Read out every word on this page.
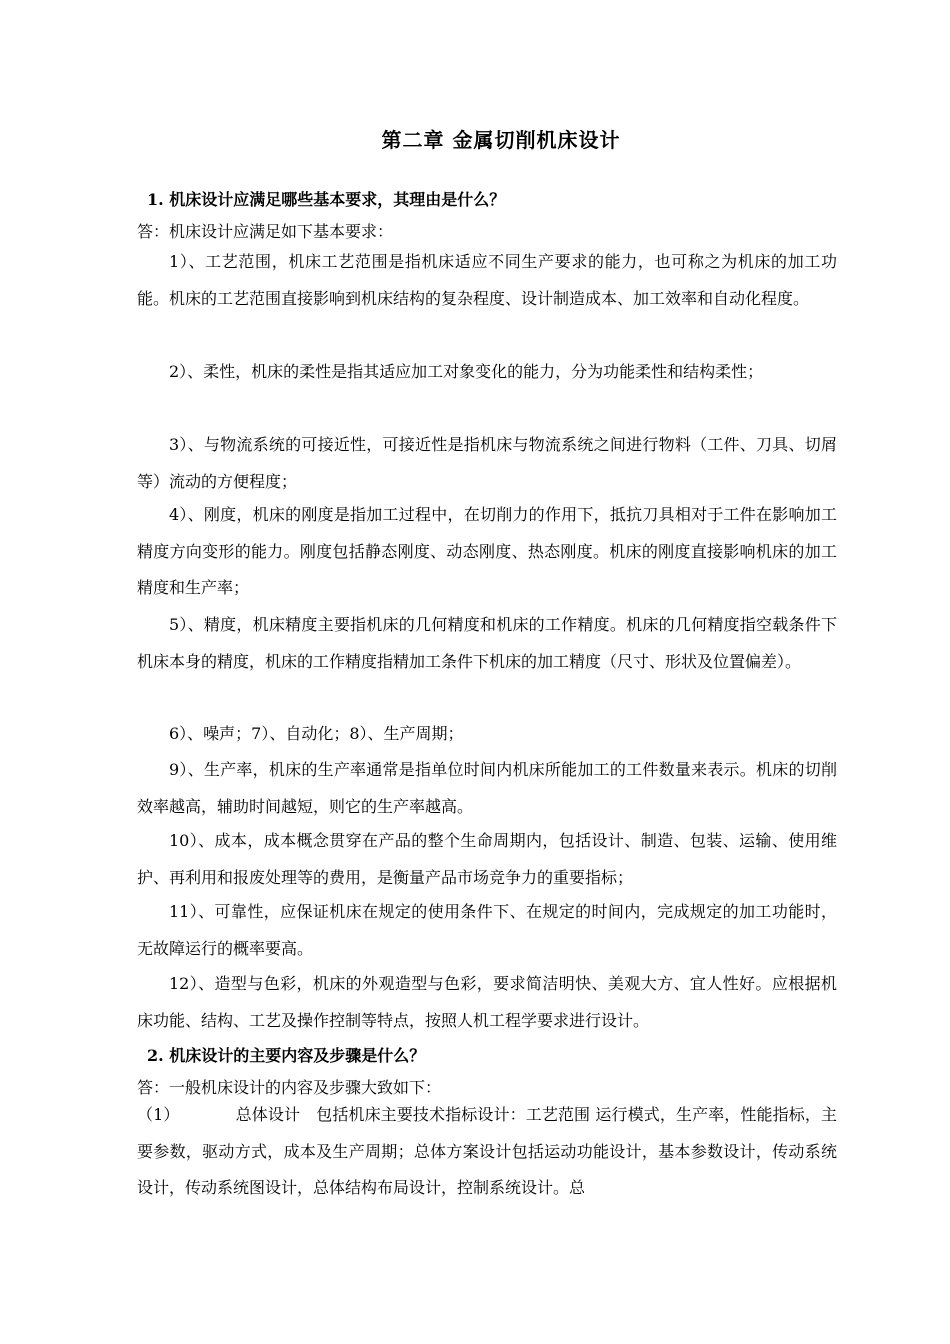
第二章 金属切削机床设计
1. 机床设计应满足哪些基本要求，其理由是什么？
答：机床设计应满足如下基本要求：
1）、工艺范围，机床工艺范围是指机床适应不同生产要求的能力，也可称之为机床的加工功能。机床的工艺范围直接影响到机床结构的复杂程度、设计制造成本、加工效率和自动化程度。
2）、柔性，机床的柔性是指其适应加工对象变化的能力，分为功能柔性和结构柔性；
3）、与物流系统的可接近性，可接近性是指机床与物流系统之间进行物料（工件、刀具、切屑等）流动的方便程度；
4）、刚度，机床的刚度是指加工过程中，在切削力的作用下，抵抗刀具相对于工件在影响加工精度方向变形的能力。刚度包括静态刚度、动态刚度、热态刚度。机床的刚度直接影响机床的加工精度和生产率；
5）、精度，机床精度主要指机床的几何精度和机床的工作精度。机床的几何精度指空载条件下机床本身的精度，机床的工作精度指精加工条件下机床的加工精度（尺寸、形状及位置偏差）。
6）、噪声；7）、自动化；8）、生产周期；
9）、生产率，机床的生产率通常是指单位时间内机床所能加工的工件数量来表示。机床的切削效率越高，辅助时间越短，则它的生产率越高。
10）、成本，成本概念贯穿在产品的整个生命周期内，包括设计、制造、包装、运输、使用维护、再利用和报废处理等的费用，是衡量产品市场竞争力的重要指标；
11）、可靠性，应保证机床在规定的使用条件下、在规定的时间内，完成规定的加工功能时，无故障运行的概率要高。
12）、造型与色彩，机床的外观造型与色彩，要求简洁明快、美观大方、宜人性好。应根据机床功能、结构、工艺及操作控制等特点，按照人机工程学要求进行设计。
2. 机床设计的主要内容及步骤是什么？
答：一般机床设计的内容及步骤大致如下：
（1）	总体设计 包括机床主要技术指标设计：工艺范围 运行模式，生产率，性能指标，主要参数，驱动方式，成本及生产周期；总体方案设计包括运动功能设计，基本参数设计，传动系统设计，传动系统图设计，总体结构布局设计，控制系统设计。总
